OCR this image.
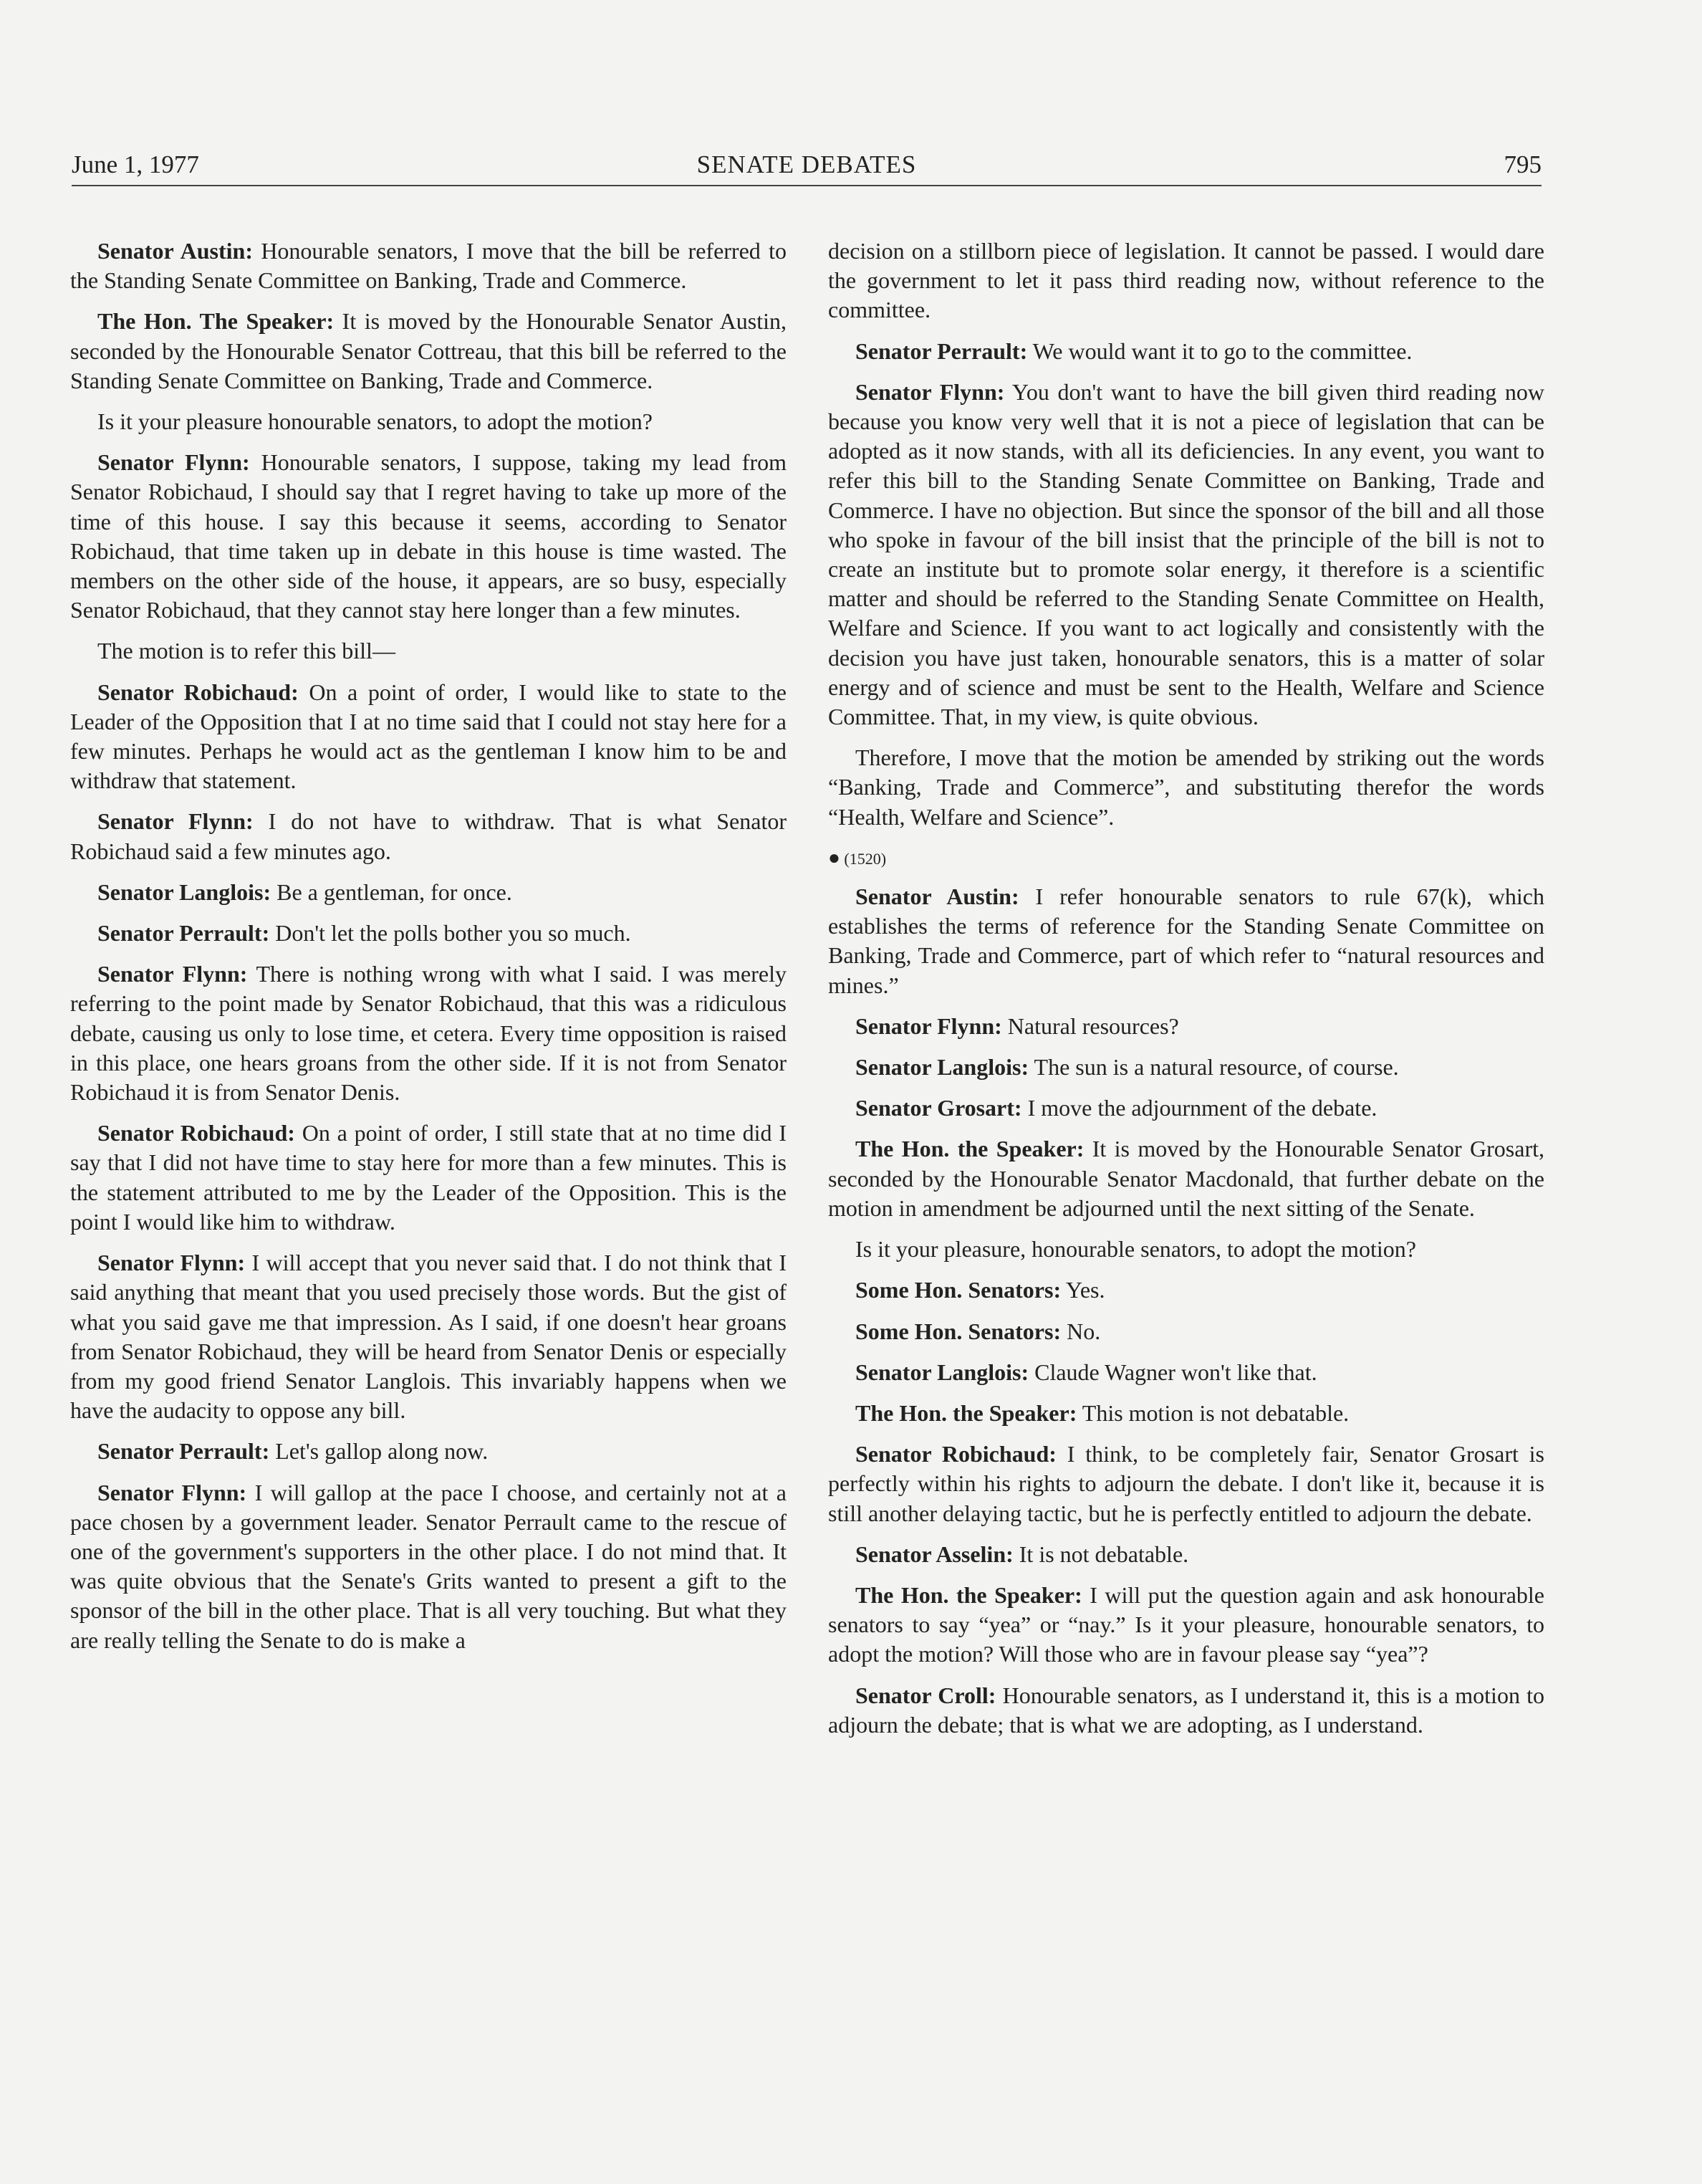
June 1, 1977	SENATE DEBATES	795

Senator Austin: Honourable senators, I move that the bill be referred to the Standing Senate Committee on Banking, Trade and Commerce.

The Hon. The Speaker: It is moved by the Honourable Senator Austin, seconded by the Honourable Senator Cottreau, that this bill be referred to the Standing Senate Committee on Banking, Trade and Commerce.

Is it your pleasure honourable senators, to adopt the motion?

Senator Flynn: Honourable senators, I suppose, taking my lead from Senator Robichaud, I should say that I regret having to take up more of the time of this house. I say this because it seems, according to Senator Robichaud, that time taken up in debate in this house is time wasted. The members on the other side of the house, it appears, are so busy, especially Senator Robichaud, that they cannot stay here longer than a few minutes.

The motion is to refer this bill—

Senator Robichaud: On a point of order, I would like to state to the Leader of the Opposition that I at no time said that I could not stay here for a few minutes. Perhaps he would act as the gentleman I know him to be and withdraw that statement.

Senator Flynn: I do not have to withdraw. That is what Senator Robichaud said a few minutes ago.

Senator Langlois: Be a gentleman, for once.

Senator Perrault: Don't let the polls bother you so much.

Senator Flynn: There is nothing wrong with what I said. I was merely referring to the point made by Senator Robichaud, that this was a ridiculous debate, causing us only to lose time, et cetera. Every time opposition is raised in this place, one hears groans from the other side. If it is not from Senator Robichaud it is from Senator Denis.

Senator Robichaud: On a point of order, I still state that at no time did I say that I did not have time to stay here for more than a few minutes. This is the statement attributed to me by the Leader of the Opposition. This is the point I would like him to withdraw.

Senator Flynn: I will accept that you never said that. I do not think that I said anything that meant that you used precisely those words. But the gist of what you said gave me that impression. As I said, if one doesn't hear groans from Senator Robichaud, they will be heard from Senator Denis or especially from my good friend Senator Langlois. This invariably happens when we have the audacity to oppose any bill.

Senator Perrault: Let's gallop along now.

Senator Flynn: I will gallop at the pace I choose, and certainly not at a pace chosen by a government leader. Senator Perrault came to the rescue of one of the government's supporters in the other place. I do not mind that. It was quite obvious that the Senate's Grits wanted to present a gift to the sponsor of the bill in the other place. That is all very touching. But what they are really telling the Senate to do is make a

decision on a stillborn piece of legislation. It cannot be passed. I would dare the government to let it pass third reading now, without reference to the committee.

Senator Perrault: We would want it to go to the committee.

Senator Flynn: You don't want to have the bill given third reading now because you know very well that it is not a piece of legislation that can be adopted as it now stands, with all its deficiencies. In any event, you want to refer this bill to the Standing Senate Committee on Banking, Trade and Commerce. I have no objection. But since the sponsor of the bill and all those who spoke in favour of the bill insist that the principle of the bill is not to create an institute but to promote solar energy, it therefore is a scientific matter and should be referred to the Standing Senate Committee on Health, Welfare and Science. If you want to act logically and consistently with the decision you have just taken, honourable senators, this is a matter of solar energy and of science and must be sent to the Health, Welfare and Science Committee. That, in my view, is quite obvious.

Therefore, I move that the motion be amended by striking out the words “Banking, Trade and Commerce”, and substituting therefor the words “Health, Welfare and Science”.

● (1520)

Senator Austin: I refer honourable senators to rule 67(k), which establishes the terms of reference for the Standing Senate Committee on Banking, Trade and Commerce, part of which refer to “natural resources and mines.”

Senator Flynn: Natural resources?

Senator Langlois: The sun is a natural resource, of course.

Senator Grosart: I move the adjournment of the debate.

The Hon. the Speaker: It is moved by the Honourable Senator Grosart, seconded by the Honourable Senator Macdonald, that further debate on the motion in amendment be adjourned until the next sitting of the Senate.

Is it your pleasure, honourable senators, to adopt the motion?

Some Hon. Senators: Yes.

Some Hon. Senators: No.

Senator Langlois: Claude Wagner won't like that.

The Hon. the Speaker: This motion is not debatable.

Senator Robichaud: I think, to be completely fair, Senator Grosart is perfectly within his rights to adjourn the debate. I don't like it, because it is still another delaying tactic, but he is perfectly entitled to adjourn the debate.

Senator Asselin: It is not debatable.

The Hon. the Speaker: I will put the question again and ask honourable senators to say “yea” or “nay.” Is it your pleasure, honourable senators, to adopt the motion? Will those who are in favour please say “yea”?

Senator Croll: Honourable senators, as I understand it, this is a motion to adjourn the debate; that is what we are adopting, as I understand.
